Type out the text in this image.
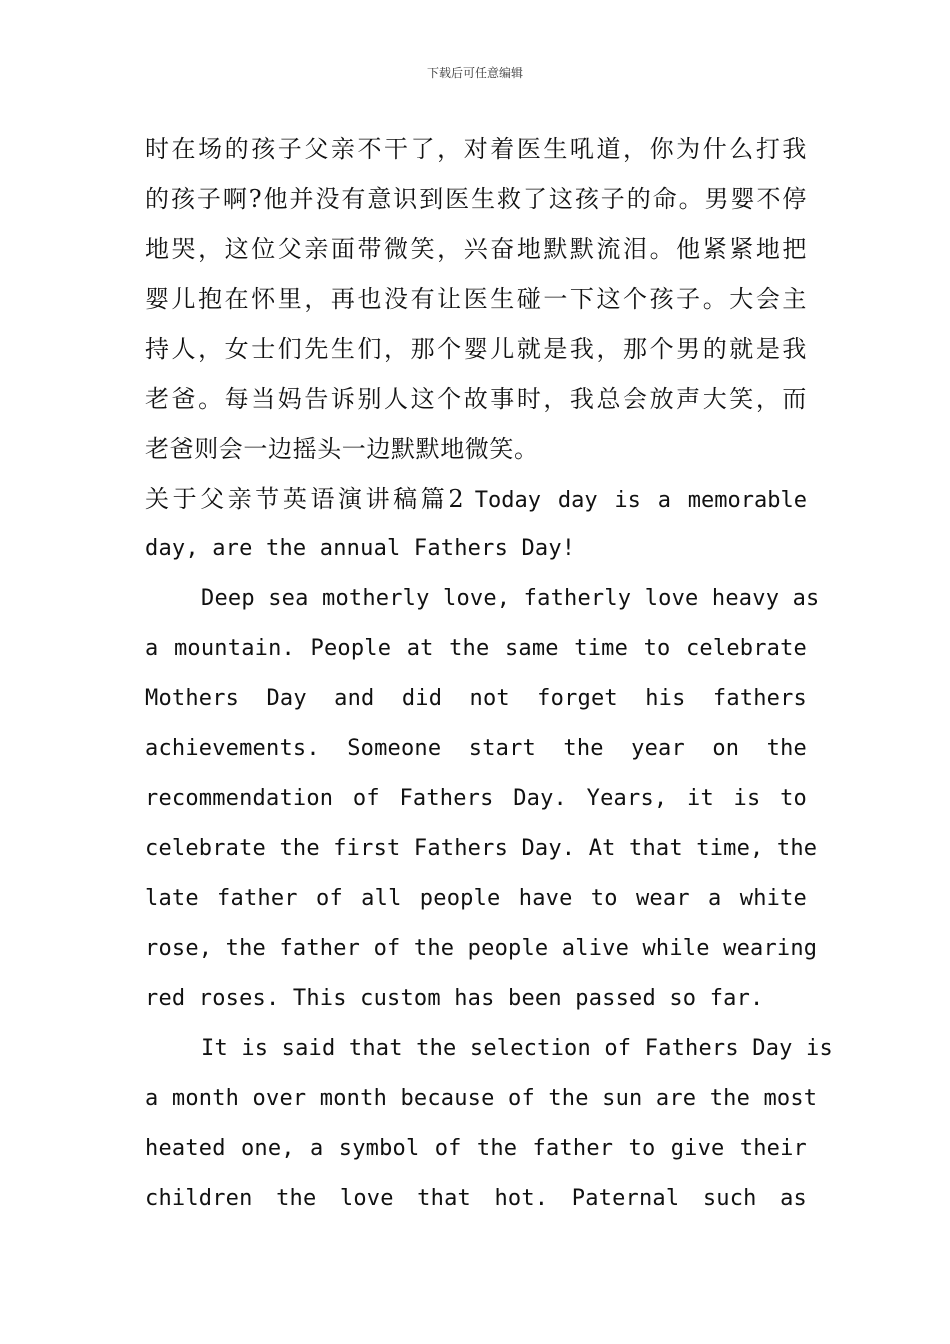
下载后可任意编辑
时在场的孩子父亲不干了，对着医生吼道，你为什么打我
的孩子啊?他并没有意识到医生救了这孩子的命。男婴不停
地哭，这位父亲面带微笑，兴奋地默默流泪。他紧紧地把
婴儿抱在怀里，再也没有让医生碰一下这个孩子。大会主
持人，女士们先生们，那个婴儿就是我，那个男的就是我
老爸。每当妈告诉别人这个故事时，我总会放声大笑，而
老爸则会一边摇头一边默默地微笑。
关于父亲节英语演讲稿篇2 Today day is a memorable
day, are the annual Fathers Day!
Deep sea motherly love, fatherly love heavy as
a mountain. People at the same time to celebrate
Mothers Day and did not forget his fathers
achievements. Someone start the year on the
recommendation of Fathers Day. Years, it is to
celebrate the first Fathers Day. At that time, the
late father of all people have to wear a white
rose, the father of the people alive while wearing
red roses. This custom has been passed so far.
It is said that the selection of Fathers Day is
a month over month because of the sun are the most
heated one, a symbol of the father to give their
children the love that hot. Paternal such as
